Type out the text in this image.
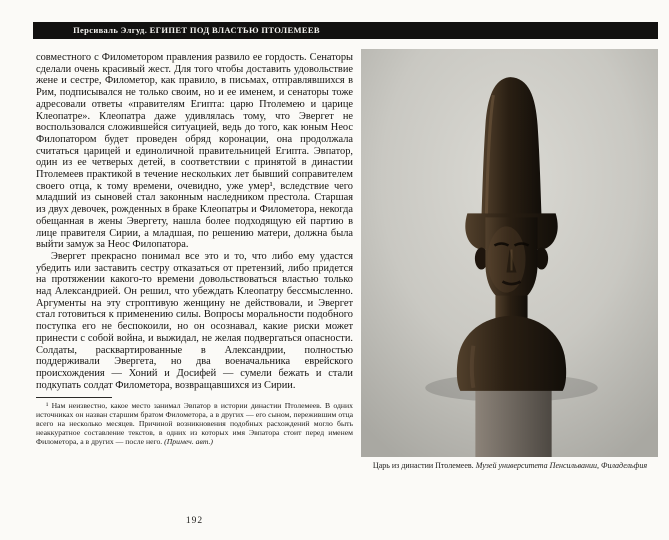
Персиваль Элгуд. ЕГИПЕТ ПОД ВЛАСТЬЮ ПТОЛЕМЕЕВ

совместного с Филометором правления развило ее гордость. Сенаторы сделали очень красивый жест. Для того чтобы доставить удовольствие жене и сестре, Филометор, как правило, в письмах, отправлявшихся в Рим, подписывался не только своим, но и ее именем, и сенаторы тоже адресовали ответы «правителям Египта: царю Птолемею и царице Клеопатре». Клеопатра даже удивлялась тому, что Эвергет не воспользовался сложившейся ситуацией, ведь до того, как юным Неос Филопатором будет проведен обряд коронации, она продолжала считаться царицей и единоличной правительницей Египта. Эвпатор, один из ее четверых детей, в соответствии с принятой в династии Птолемеев практикой в течение нескольких лет бывший соправителем своего отца, к тому времени, очевидно, уже умер¹, вследствие чего младший из сыновей стал законным наследником престола. Старшая из двух девочек, рожденных в браке Клеопатры и Филометора, некогда обещанная в жены Эвергету, нашла более подходящую ей партию в лице правителя Сирии, а младшая, по решению матери, должна была выйти замуж за Неос Филопатора.

Эвергет прекрасно понимал все это и то, что либо ему удастся убедить или заставить сестру отказаться от претензий, либо придется на протяжении какого-то времени довольствоваться властью только над Александрией. Он решил, что убеждать Клеопатру бессмысленно. Аргументы на эту строптивую женщину не действовали, и Эвергет стал готовиться к применению силы. Вопросы моральности подобного поступка его не беспокоили, но он осознавал, какие риски может принести с собой война, и выжидал, не желая подвергаться опасности. Солдаты, расквартированные в Александрии, полностью поддерживали Эвергета, но два военачальника еврейского происхождения — Хоний и Досифей — сумели бежать и стали подкупать солдат Филометора, возвращавшихся из Сирии.

¹ Нам неизвестно, какое место занимал Эвпатор в истории династии Птолемеев. В одних источниках он назван старшим братом Филометора, а в других — его сыном, пережившим отца всего на несколько месяцев. Причиной возникновения подобных расхождений могло быть неаккуратное составление текстов, в одних из которых имя Эвпатора стоит перед именем Филометора, а в других — после него. (Примеч. авт.)

192
Царь из династии Птолемеев. Музей университета Пенсильвании, Филадельфия
